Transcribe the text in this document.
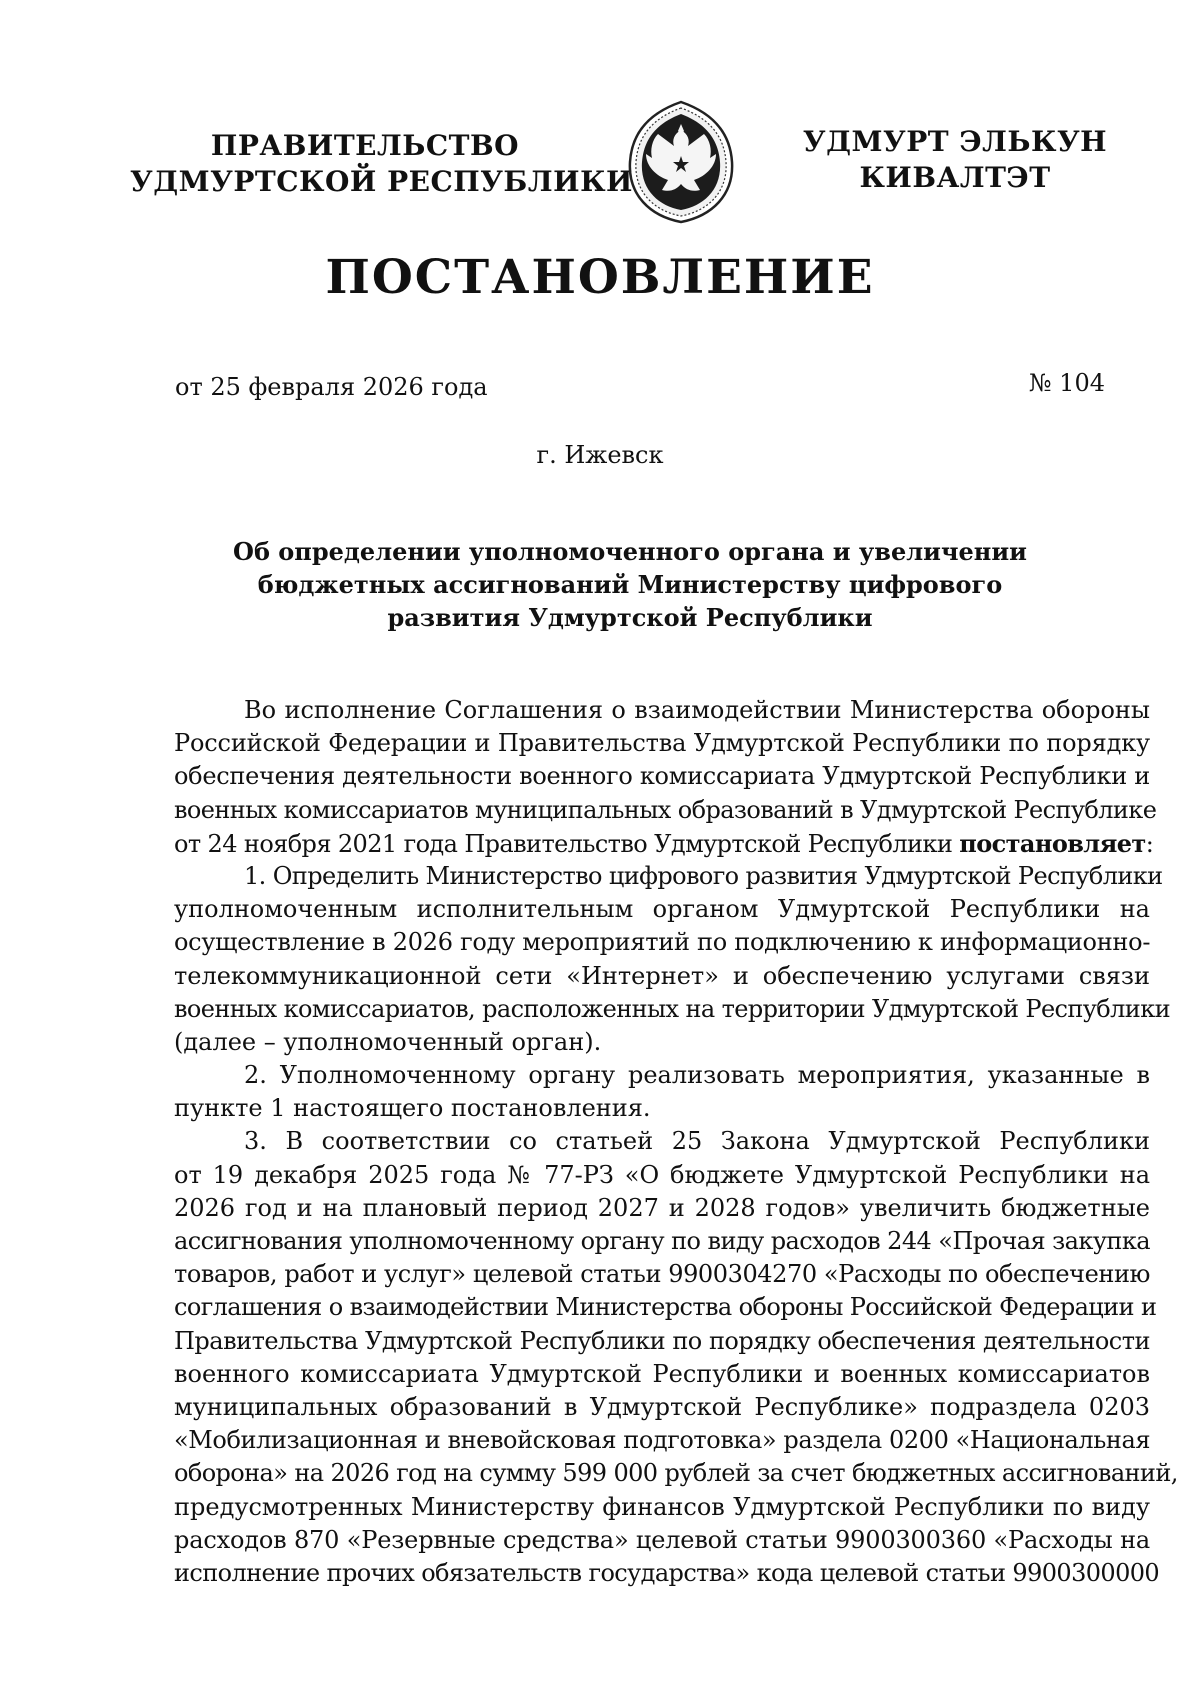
ПРАВИТЕЛЬСТВО
УДМУРТСКОЙ РЕСПУБЛИКИ
УДМУРТ ЭЛЬКУН
КИВАЛТЭТ
ПОСТАНОВЛЕНИЕ
от 25 февраля 2026 года	№ 104
г. Ижевск
Об определении уполномоченного органа и увеличении
бюджетных ассигнований Министерству цифрового
развития Удмуртской Республики
Во исполнение Соглашения о взаимодействии Министерства обороны
Российской Федерации и Правительства Удмуртской Республики по порядку
обеспечения деятельности военного комиссариата Удмуртской Республики и
военных комиссариатов муниципальных образований в Удмуртской Республике
от 24 ноября 2021 года Правительство Удмуртской Республики постановляет:
1. Определить Министерство цифрового развития Удмуртской Республики
уполномоченным исполнительным органом Удмуртской Республики на
осуществление в 2026 году мероприятий по подключению к информационно-
телекоммуникационной сети «Интернет» и обеспечению услугами связи
военных комиссариатов, расположенных на территории Удмуртской Республики
(далее – уполномоченный орган).
2. Уполномоченному органу реализовать мероприятия, указанные в
пункте 1 настоящего постановления.
3. В соответствии со статьей 25 Закона Удмуртской Республики
от 19 декабря 2025 года № 77-РЗ «О бюджете Удмуртской Республики на
2026 год и на плановый период 2027 и 2028 годов» увеличить бюджетные
ассигнования уполномоченному органу по виду расходов 244 «Прочая закупка
товаров, работ и услуг» целевой статьи 9900304270 «Расходы по обеспечению
соглашения о взаимодействии Министерства обороны Российской Федерации и
Правительства Удмуртской Республики по порядку обеспечения деятельности
военного комиссариата Удмуртской Республики и военных комиссариатов
муниципальных образований в Удмуртской Республике» подраздела 0203
«Мобилизационная и вневойсковая подготовка» раздела 0200 «Национальная
оборона» на 2026 год на сумму 599 000 рублей за счет бюджетных ассигнований,
предусмотренных Министерству финансов Удмуртской Республики по виду
расходов 870 «Резервные средства» целевой статьи 9900300360 «Расходы на
исполнение прочих обязательств государства» кода целевой статьи 9900300000
